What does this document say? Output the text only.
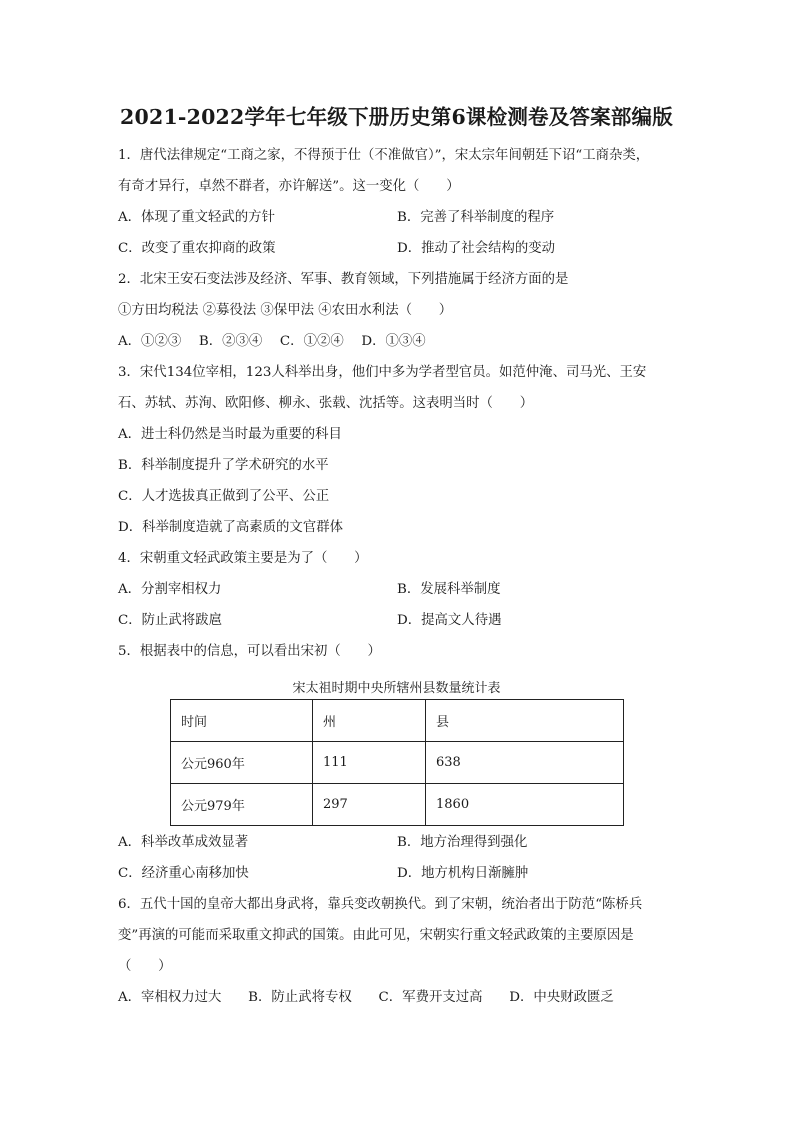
2021-2022学年七年级下册历史第6课检测卷及答案部编版
1．唐代法律规定“工商之家，不得预于仕（不准做官）”，宋太宗年间朝廷下诏“工商杂类，
有奇才异行，卓然不群者，亦许解送”。这一变化（　　）
A．体现了重文轻武的方针	B．完善了科举制度的程序
C．改变了重农抑商的政策	D．推动了社会结构的变动
2．北宋王安石变法涉及经济、军事、教育领域，下列措施属于经济方面的是
①方田均税法 ②募役法 ③保甲法 ④农田水利法（　　）
A．①②③　 B．②③④　 C．①②④　 D．①③④
3．宋代134位宰相，123人科举出身，他们中多为学者型官员。如范仲淹、司马光、王安
石、苏轼、苏洵、欧阳修、柳永、张载、沈括等。这表明当时（　　）
A．进士科仍然是当时最为重要的科目
B．科举制度提升了学术研究的水平
C．人才选拔真正做到了公平、公正
D．科举制度造就了高素质的文官群体
4．宋朝重文轻武政策主要是为了（　　）
A．分割宰相权力	B．发展科举制度
C．防止武将跋扈	D．提高文人待遇
5．根据表中的信息，可以看出宋初（　　）
宋太祖时期中央所辖州县数量统计表
时间	州	县
公元960年	111	638
公元979年	297	1860
A．科举改革成效显著	B．地方治理得到强化
C．经济重心南移加快	D．地方机构日渐臃肿
6．五代十国的皇帝大都出身武将，靠兵变改朝换代。到了宋朝，统治者出于防范“陈桥兵
变”再演的可能而采取重文抑武的国策。由此可见，宋朝实行重文轻武政策的主要原因是
（　　）
A．宰相权力过大　　B．防止武将专权　　C．军费开支过高　　D．中央财政匮乏
